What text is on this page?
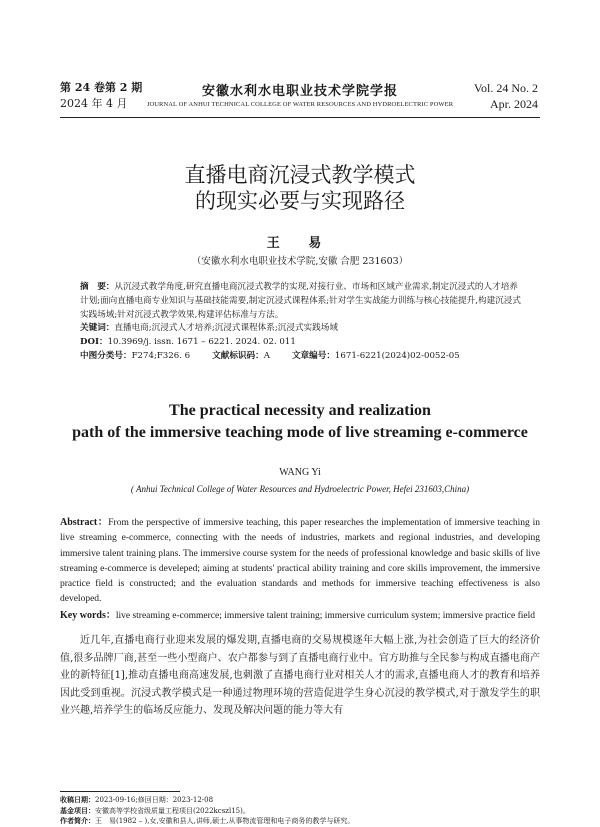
第 24 卷第 2 期
2024 年 4 月
安徽水利水电职业技术学院学报
JOURNAL OF ANHUI TECHNICAL COLLEGE OF WATER RESOURCES AND HYDROELECTRIC POWER
Vol. 24 No. 2
Apr. 2024
直播电商沉浸式教学模式
的现实必要与实现路径
王 易
（安徽水利水电职业技术学院,安徽 合肥 231603）

摘　要：从沉浸式教学角度,研究直播电商沉浸式教学的实现,对接行业、市场和区域产业需求,制定沉浸式的人才培养计划;面向直播电商专业知识与基础技能需要,制定沉浸式课程体系;针对学生实战能力训练与核心技能提升,构建沉浸式实践场域;针对沉浸式教学效果,构建评估标准与方法。

关键词：直播电商;沉浸式人才培养;沉浸式课程体系;沉浸式实践场域

DOI：10.3969/j. issn. 1671 – 6221. 2024. 02. 011

中图分类号：F274;F326. 6	文献标识码：A	文章编号：1671-6221(2024)02-0052-05

The practical necessity and realization
path of the immersive teaching mode of live streaming e-commerce
WANG Yi
( Anhui Technical College of Water Resources and Hydroelectric Power, Hefei 231603,China)

Abstract：From the perspective of immersive teaching, this paper researches the implementation of immersive teaching in live streaming e-commerce, connecting with the needs of industries, markets and regional industries, and developing immersive talent training plans. The immersive course system for the needs of professional knowledge and basic skills of live streaming e-commerce is develeped; aiming at students' practical ability training and core skills improvement, the immersive practice field is constructed; and the evaluation standards and methods for immersive teaching effectiveness is also developed.

Key words：live streaming e-commerce; immersive talent training; immersive curriculum system; immersive practice field

近几年,直播电商行业迎来发展的爆发期,直播电商的交易规模逐年大幅上涨,为社会创造了巨大的经济价值,很多品牌厂商,甚至一些小型商户、农户都参与到了直播电商行业中。官方助推与全民参与构成直播电商产业的新特征[1],推动直播电商高速发展,也刺激了直播电商行业对相关人才的需求,直播电商人才的教育和培养因此受到重视。沉浸式教学模式是一种通过物理环境的营造促进学生身心沉浸的教学模式,对于激发学生的职业兴趣,培养学生的临场反应能力、发现及解决问题的能力等大有

收稿日期：2023-09-16;修回日期：2023-12-08

基金项目：安徽高等学校省级质量工程项目(2022kcszl15)。

作者简介：王　易(1982 – ),女,安徽和县人,讲师,硕士,从事物流管理和电子商务的教学与研究。
